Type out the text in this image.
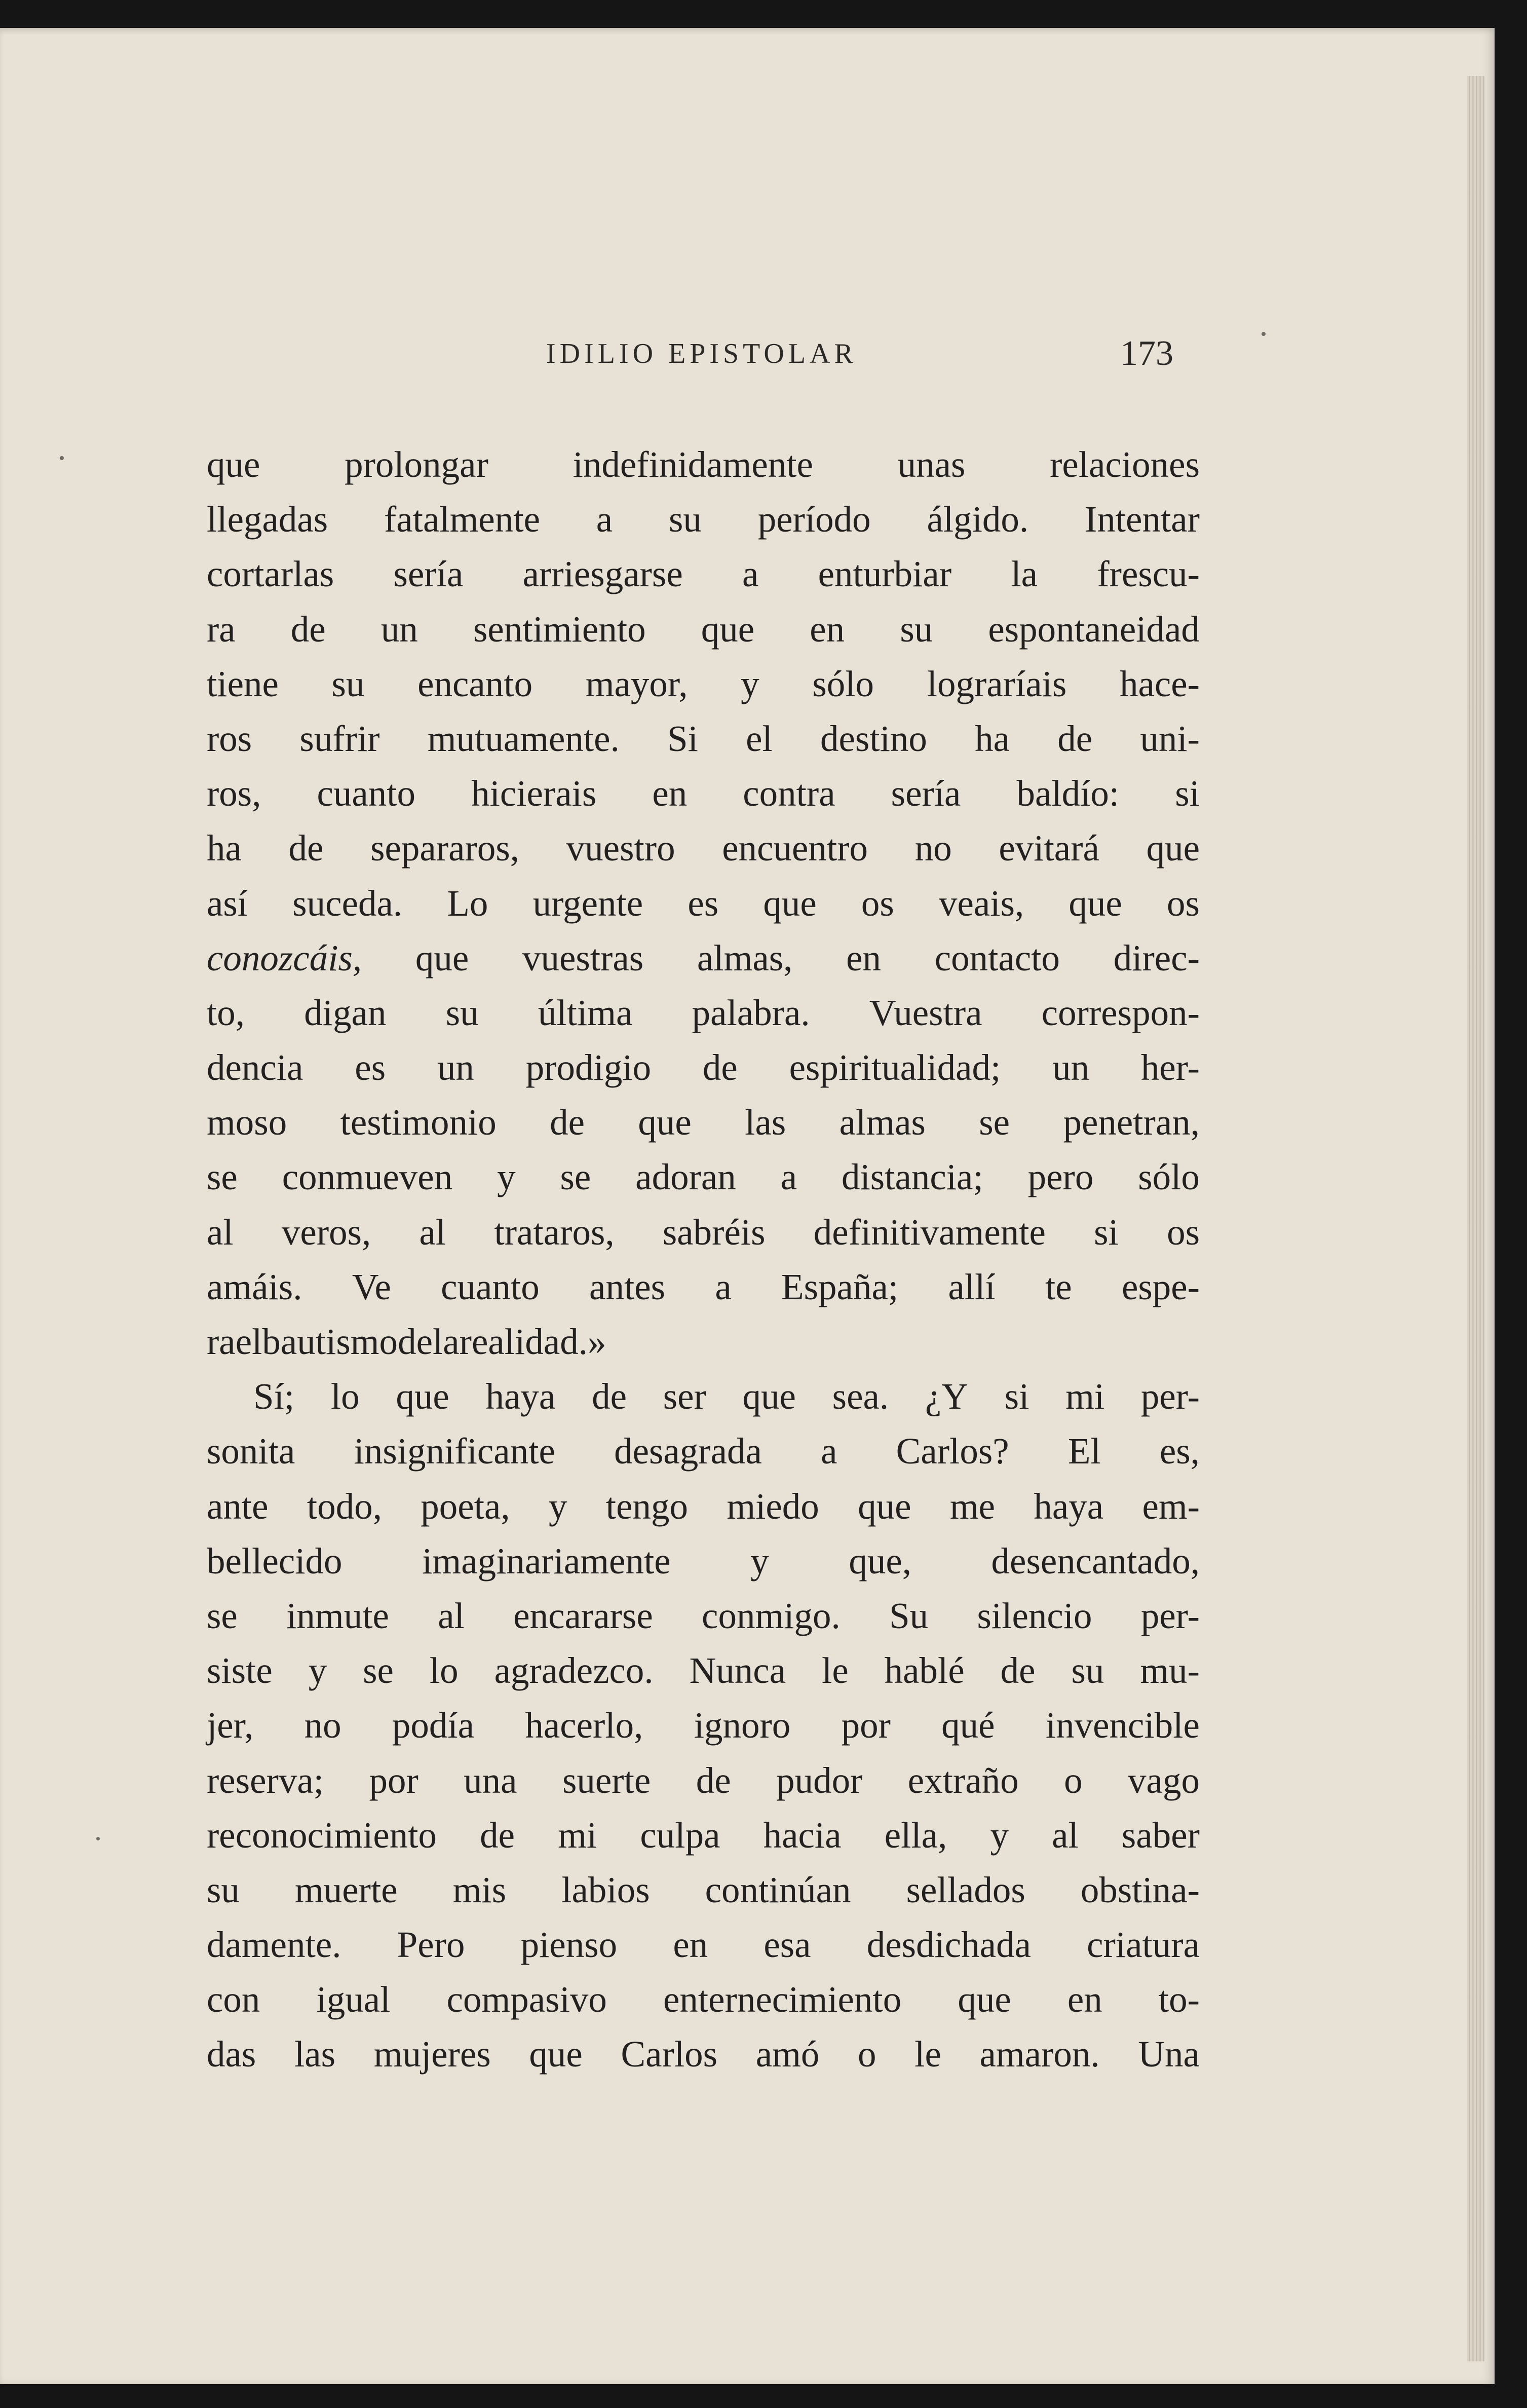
IDILIO EPISTOLAR	173
que prolongar indefinidamente unas relaciones
llegadas fatalmente a su período álgido. Intentar
cortarlas sería arriesgarse a enturbiar la frescu-
ra de un sentimiento que en su espontaneidad
tiene su encanto mayor, y sólo lograríais hace-
ros sufrir mutuamente. Si el destino ha de uni-
ros, cuanto hicierais en contra sería baldío: si
ha de separaros, vuestro encuentro no evitará que
así suceda. Lo urgente es que os veais, que os
conozcáis, que vuestras almas, en contacto direc-
to, digan su última palabra. Vuestra correspon-
dencia es un prodigio de espiritualidad; un her-
moso testimonio de que las almas se penetran,
se conmueven y se adoran a distancia; pero sólo
al veros, al trataros, sabréis definitivamente si os
amáis. Ve cuanto antes a España; allí te espe-
ra el bautismo de la realidad.»
Sí; lo que haya de ser que sea. ¿Y si mi per-
sonita insignificante desagrada a Carlos? El es,
ante todo, poeta, y tengo miedo que me haya em-
bellecido imaginariamente y que, desencantado,
se inmute al encararse conmigo. Su silencio per-
siste y se lo agradezco. Nunca le hablé de su mu-
jer, no podía hacerlo, ignoro por qué invencible
reserva; por una suerte de pudor extraño o vago
reconocimiento de mi culpa hacia ella, y al saber
su muerte mis labios continúan sellados obstina-
damente. Pero pienso en esa desdichada criatura
con igual compasivo enternecimiento que en to-
das las mujeres que Carlos amó o le amaron. Una
